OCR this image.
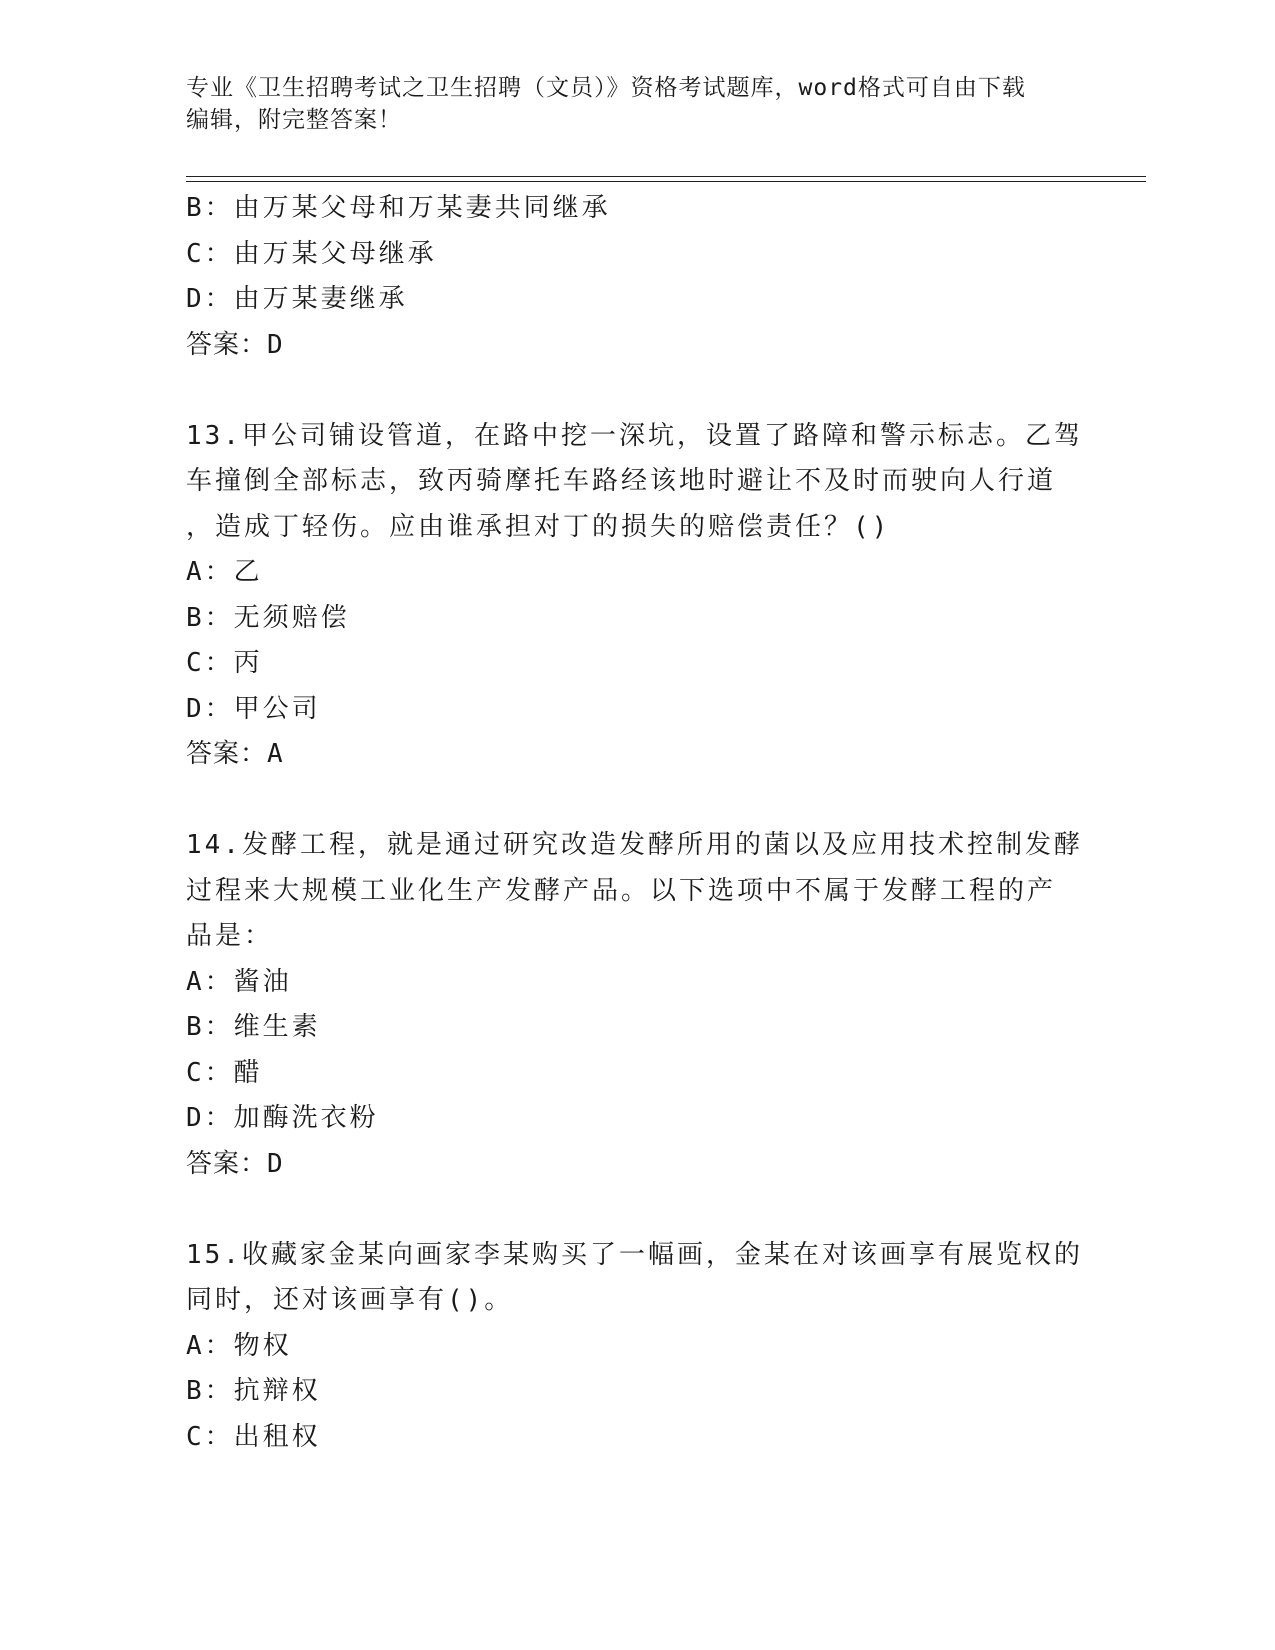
专业《卫生招聘考试之卫生招聘（文员）》资格考试题库，word格式可自由下载
编辑，附完整答案！
B：由万某父母和万某妻共同继承
C：由万某父母继承
D：由万某妻继承
答案：D
13.甲公司铺设管道，在路中挖一深坑，设置了路障和警示标志。乙驾
车撞倒全部标志，致丙骑摩托车路经该地时避让不及时而驶向人行道
，造成丁轻伤。应由谁承担对丁的损失的赔偿责任？()
A：乙
B：无须赔偿
C：丙
D：甲公司
答案：A
14.发酵工程，就是通过研究改造发酵所用的菌以及应用技术控制发酵
过程来大规模工业化生产发酵产品。以下选项中不属于发酵工程的产
品是：
A：酱油
B：维生素
C：醋
D：加酶洗衣粉
答案：D
15.收藏家金某向画家李某购买了一幅画，金某在对该画享有展览权的
同时，还对该画享有()。
A：物权
B：抗辩权
C：出租权
